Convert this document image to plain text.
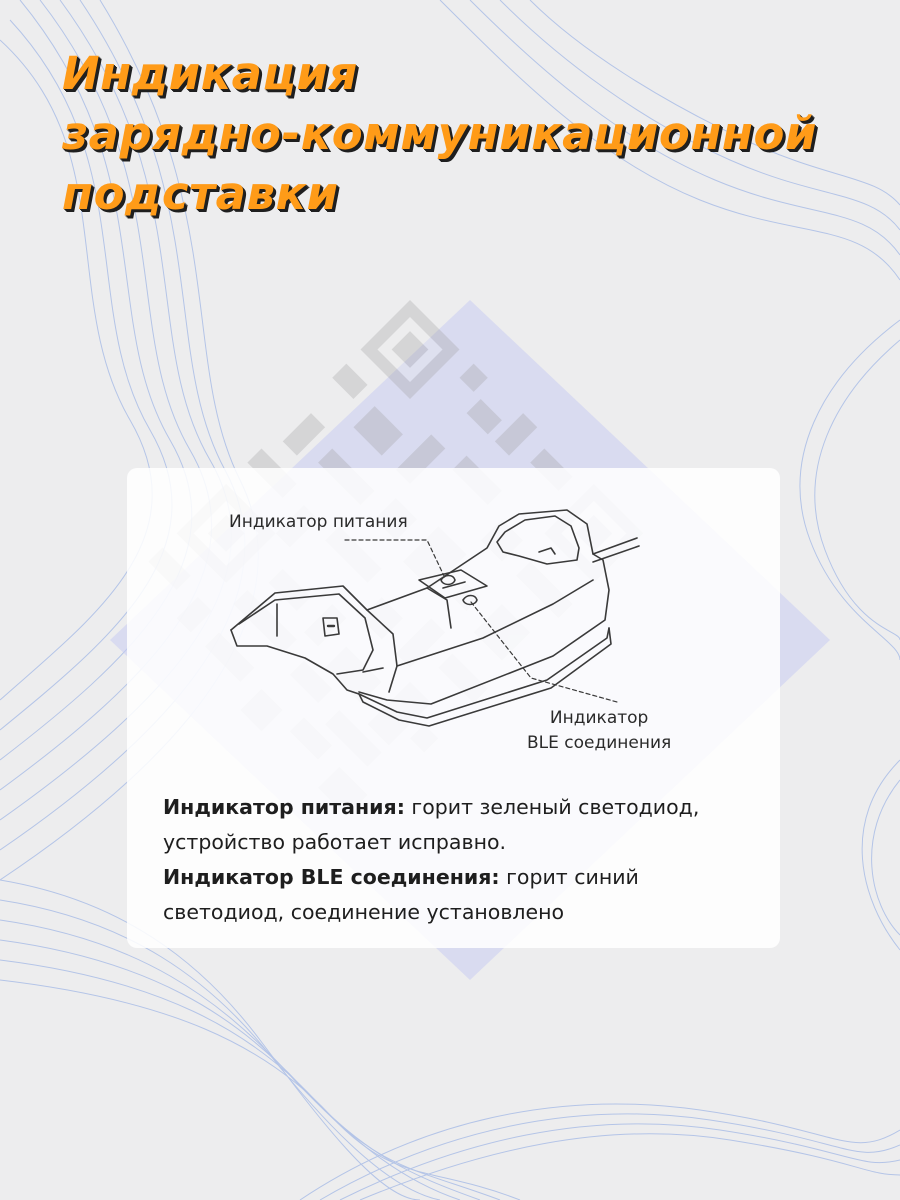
Индикация
зарядно-коммуникационной
подставки
Индикатор питания
Индикатор
BLE соединения

Индикатор питания: горит зеленый светодиод, устройство работает исправно.

Индикатор BLE соединения: горит синий светодиод, соединение установлено
